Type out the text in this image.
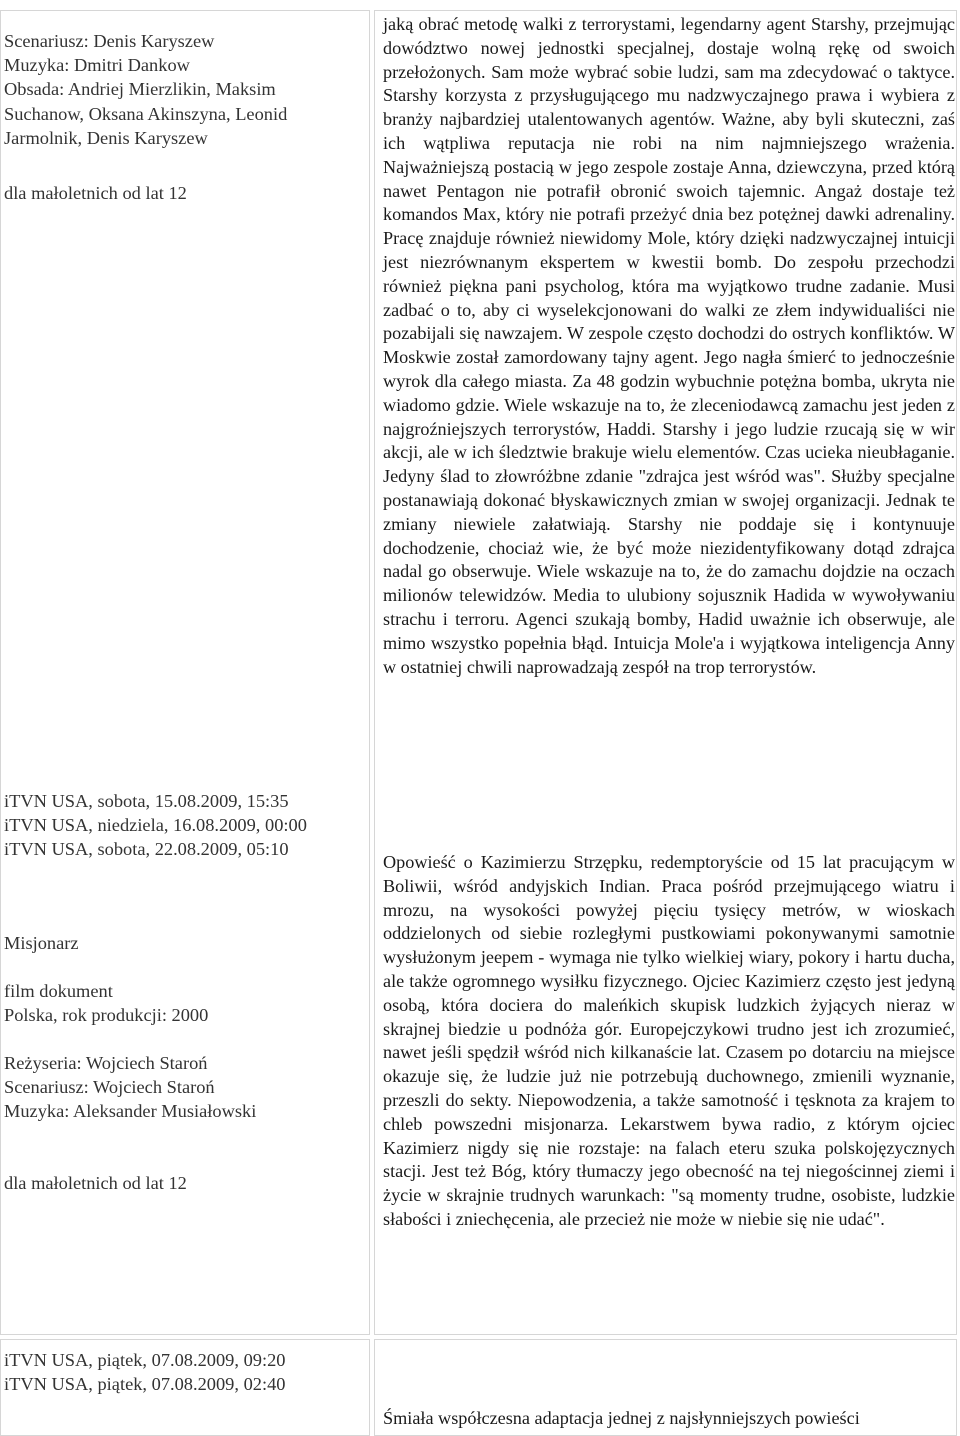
Scenariusz: Denis Karyszew
Muzyka: Dmitri Dankow
Obsada: Andriej Mierzlikin, Maksim
Suchanow, Oksana Akinszyna, Leonid
Jarmolnik, Denis Karyszew
dla małoletnich od lat 12
iTVN USA, sobota, 15.08.2009, 15:35
iTVN USA, niedziela, 16.08.2009, 00:00
iTVN USA, sobota, 22.08.2009, 05:10
Misjonarz
film dokument
Polska, rok produkcji: 2000
Reżyseria: Wojciech Staroń
Scenariusz: Wojciech Staroń
Muzyka: Aleksander Musiałowski
dla małoletnich od lat 12
iTVN USA, piątek, 07.08.2009, 09:20
iTVN USA, piątek, 07.08.2009, 02:40
jaką obrać metodę walki z terrorystami, legendarny agent Starshy, przejmując dowództwo nowej jednostki specjalnej, dostaje wolną rękę od swoich przełożonych. Sam może wybrać sobie ludzi, sam ma zdecydować o taktyce. Starshy korzysta z przysługującego mu nadzwyczajnego prawa i wybiera z branży najbardziej utalentowanych agentów. Ważne, aby byli skuteczni, zaś ich wątpliwa reputacja nie robi na nim najmniejszego wrażenia. Najważniejszą postacią w jego zespole zostaje Anna, dziewczyna, przed którą nawet Pentagon nie potrafił obronić swoich tajemnic. Angaż dostaje też komandos Max, który nie potrafi przeżyć dnia bez potężnej dawki adrenaliny. Pracę znajduje również niewidomy Mole, który dzięki nadzwyczajnej intuicji jest niezrównanym ekspertem w kwestii bomb. Do zespołu przechodzi również piękna pani psycholog, która ma wyjątkowo trudne zadanie. Musi zadbać o to, aby ci wyselekcjonowani do walki ze złem indywidualiści nie pozabijali się nawzajem. W zespole często dochodzi do ostrych konfliktów. W Moskwie został zamordowany tajny agent. Jego nagła śmierć to jednocześnie wyrok dla całego miasta. Za 48 godzin wybuchnie potężna bomba, ukryta nie wiadomo gdzie. Wiele wskazuje na to, że zleceniodawcą zamachu jest jeden z najgroźniejszych terrorystów, Haddi. Starshy i jego ludzie rzucają się w wir akcji, ale w ich śledztwie brakuje wielu elementów. Czas ucieka nieubłaganie. Jedyny ślad to złowróżbne zdanie "zdrajca jest wśród was". Służby specjalne postanawiają dokonać błyskawicznych zmian w swojej organizacji. Jednak te zmiany niewiele załatwiają. Starshy nie poddaje się i kontynuuje dochodzenie, chociaż wie, że być może niezidentyfikowany dotąd zdrajca nadal go obserwuje. Wiele wskazuje na to, że do zamachu dojdzie na oczach milionów telewidzów. Media to ulubiony sojusznik Hadida w wywoływaniu strachu i terroru. Agenci szukają bomby, Hadid uważnie ich obserwuje, ale mimo wszystko popełnia błąd. Intuicja Mole'a i wyjątkowa inteligencja Anny w ostatniej chwili naprowadzają zespół na trop terrorystów.
Opowieść o Kazimierzu Strzępku, redemptoryście od 15 lat pracującym w Boliwii, wśród andyjskich Indian. Praca pośród przejmującego wiatru i mrozu, na wysokości powyżej pięciu tysięcy metrów, w wioskach oddzielonych od siebie rozległymi pustkowiami pokonywanymi samotnie wysłużonym jeepem - wymaga nie tylko wielkiej wiary, pokory i hartu ducha, ale także ogromnego wysiłku fizycznego. Ojciec Kazimierz często jest jedyną osobą, która dociera do maleńkich skupisk ludzkich żyjących nieraz w skrajnej biedzie u podnóża gór. Europejczykowi trudno jest ich zrozumieć, nawet jeśli spędził wśród nich kilkanaście lat. Czasem po dotarciu na miejsce okazuje się, że ludzie już nie potrzebują duchownego, zmienili wyznanie, przeszli do sekty. Niepowodzenia, a także samotność i tęsknota za krajem to chleb powszedni misjonarza. Lekarstwem bywa radio, z którym ojciec Kazimierz nigdy się nie rozstaje: na falach eteru szuka polskojęzycznych stacji. Jest też Bóg, który tłumaczy jego obecność na tej niegościnnej ziemi i życie w skrajnie trudnych warunkach: "są momenty trudne, osobiste, ludzkie słabości i zniechęcenia, ale przecież nie może w niebie się nie udać".
Śmiała współczesna adaptacja jednej z najsłynniejszych powieści
